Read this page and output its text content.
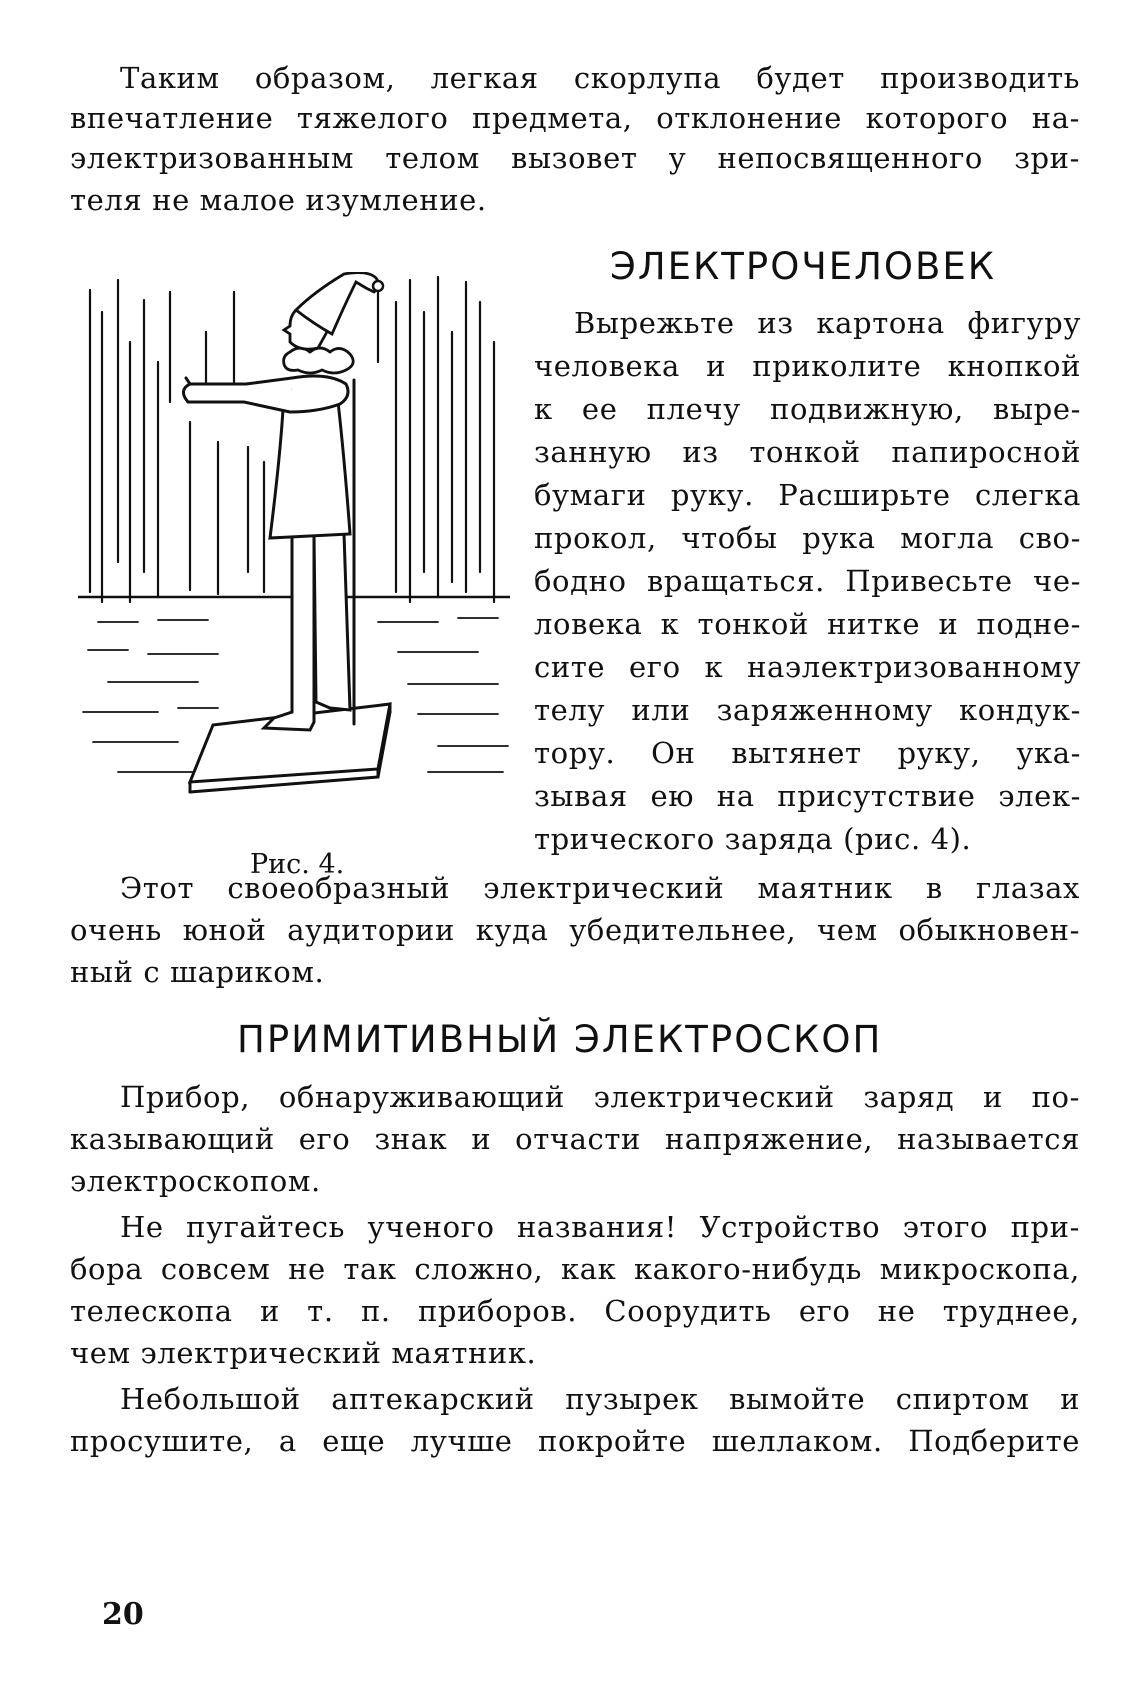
Таким образом, легкая скорлупа будет производить
впечатление тяжелого предмета, отклонение которого на-
электризованным телом вызовет у непосвященного зри-
теля не малое изумление.
ЭЛЕКТРОЧЕЛОВЕК
Вырежьте из картона фигуру
человека и приколите кнопкой
к ее плечу подвижную, выре-
занную из тонкой папиросной
бумаги руку. Расширьте слегка
прокол, чтобы рука могла сво-
бодно вращаться. Привесьте че-
ловека к тонкой нитке и подне-
сите его к наэлектризованному
телу или заряженному кондук-
тору. Он вытянет руку, ука-
зывая ею на присутствие элек-
трического заряда (рис. 4).
Рис. 4.
Этот своеобразный электрический маятник в глазах
очень юной аудитории куда убедительнее, чем обыкновен-
ный с шариком.
ПРИМИТИВНЫЙ ЭЛЕКТРОСКОП
Прибор, обнаруживающий электрический заряд и по-
казывающий его знак и отчасти напряжение, называется
электроскопом.
Не пугайтесь ученого названия! Устройство этого при-
бора совсем не так сложно, как какого-нибудь микроскопа,
телескопа и т. п. приборов. Соорудить его не труднее,
чем электрический маятник.
Небольшой аптекарский пузырек вымойте спиртом и
просушите, а еще лучше покройте шеллаком. Подберите
20
